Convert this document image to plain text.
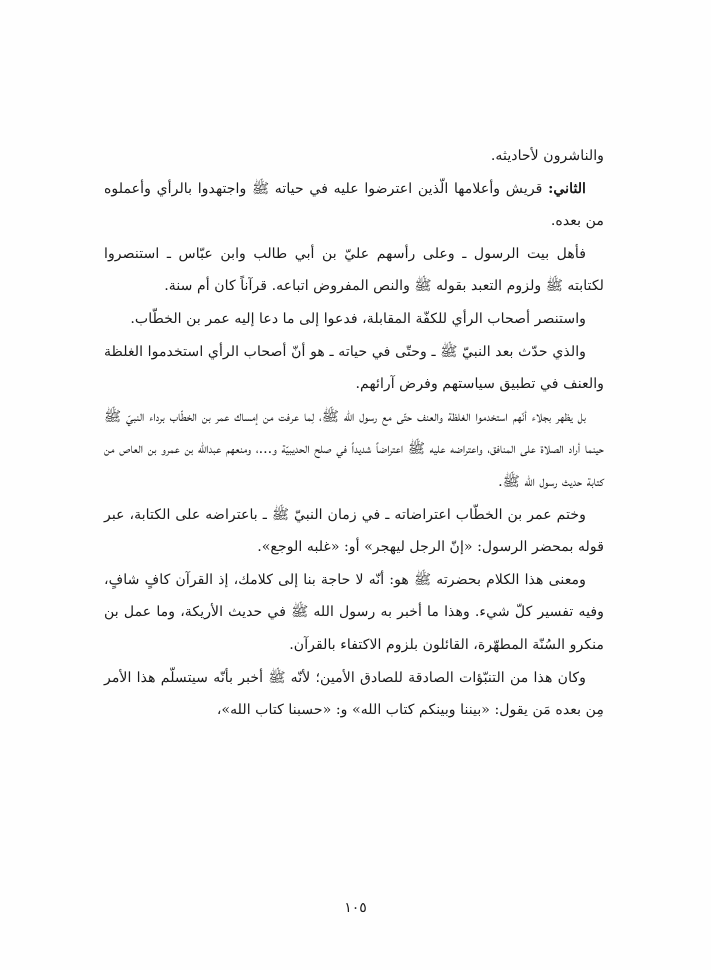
والناشرون لأحاديثه.

الثاني: قريش وأعلامها الّذين اعترضوا عليه في حياته ﷺ واجتهدوا بالرأي وأعملوه من بعده.

فأهل بيت الرسول ـ وعلى رأسهم عليّ بن أبي طالب وابن عبّاس ـ استنصروا لكتابته ﷺ ولزوم التعبد بقوله ﷺ والنص المفروض اتباعه. قرآناً كان أم سنة.

واستنصر أصحاب الرأي للكفّة المقابلة، فدعوا إلى ما دعا إليه عمر بن الخطّاب.

والذي حدّث بعد النبيّ ﷺ ـ وحتّى في حياته ـ هو أنّ أصحاب الرأي استخدموا الغلظة والعنف في تطبيق سياستهم وفرض آرائهم.

بل يظهر بجلاء أنّهم استخدموا الغلظة والعنف حتّى مع رسول الله ﷺ، لِما عرفت من إمساك عمر بن الخطّاب برداء النبيّ ﷺ حينما أراد الصلاة على المنافق، واعتراضه عليه ﷺ اعتراضاً شديداً في صلح الحديبيّة و...، ومنعهم عبدالله بن عمرو بن العاص من كتابة حديث رسول الله ﷺ.

وختم عمر بن الخطّاب اعتراضاته ـ في زمان النبيّ ﷺ ـ باعتراضه على الكتابة، عبر قوله بمحضر الرسول: «إنّ الرجل ليهجر» أو: «غلبه الوجع».

ومعنى هذا الكلام بحضرته ﷺ هو: أنّه لا حاجة بنا إلى كلامك، إذ القرآن كافٍ شافٍ، وفيه تفسير كلّ شيء. وهذا ما أخبر به رسول الله ﷺ في حديث الأريكة، وما عمل بن منكرو السُنّة المطهّرة، القائلون بلزوم الاكتفاء بالقرآن.

وكان هذا من التنبّؤات الصادقة للصادق الأمين؛ لأنّه ﷺ أخبر بأنّه سيتسلّم هذا الأمر مِن بعده مَن يقول: «بيننا وبينكم كتاب الله» و: «حسبنا كتاب الله»،

١٠٥
